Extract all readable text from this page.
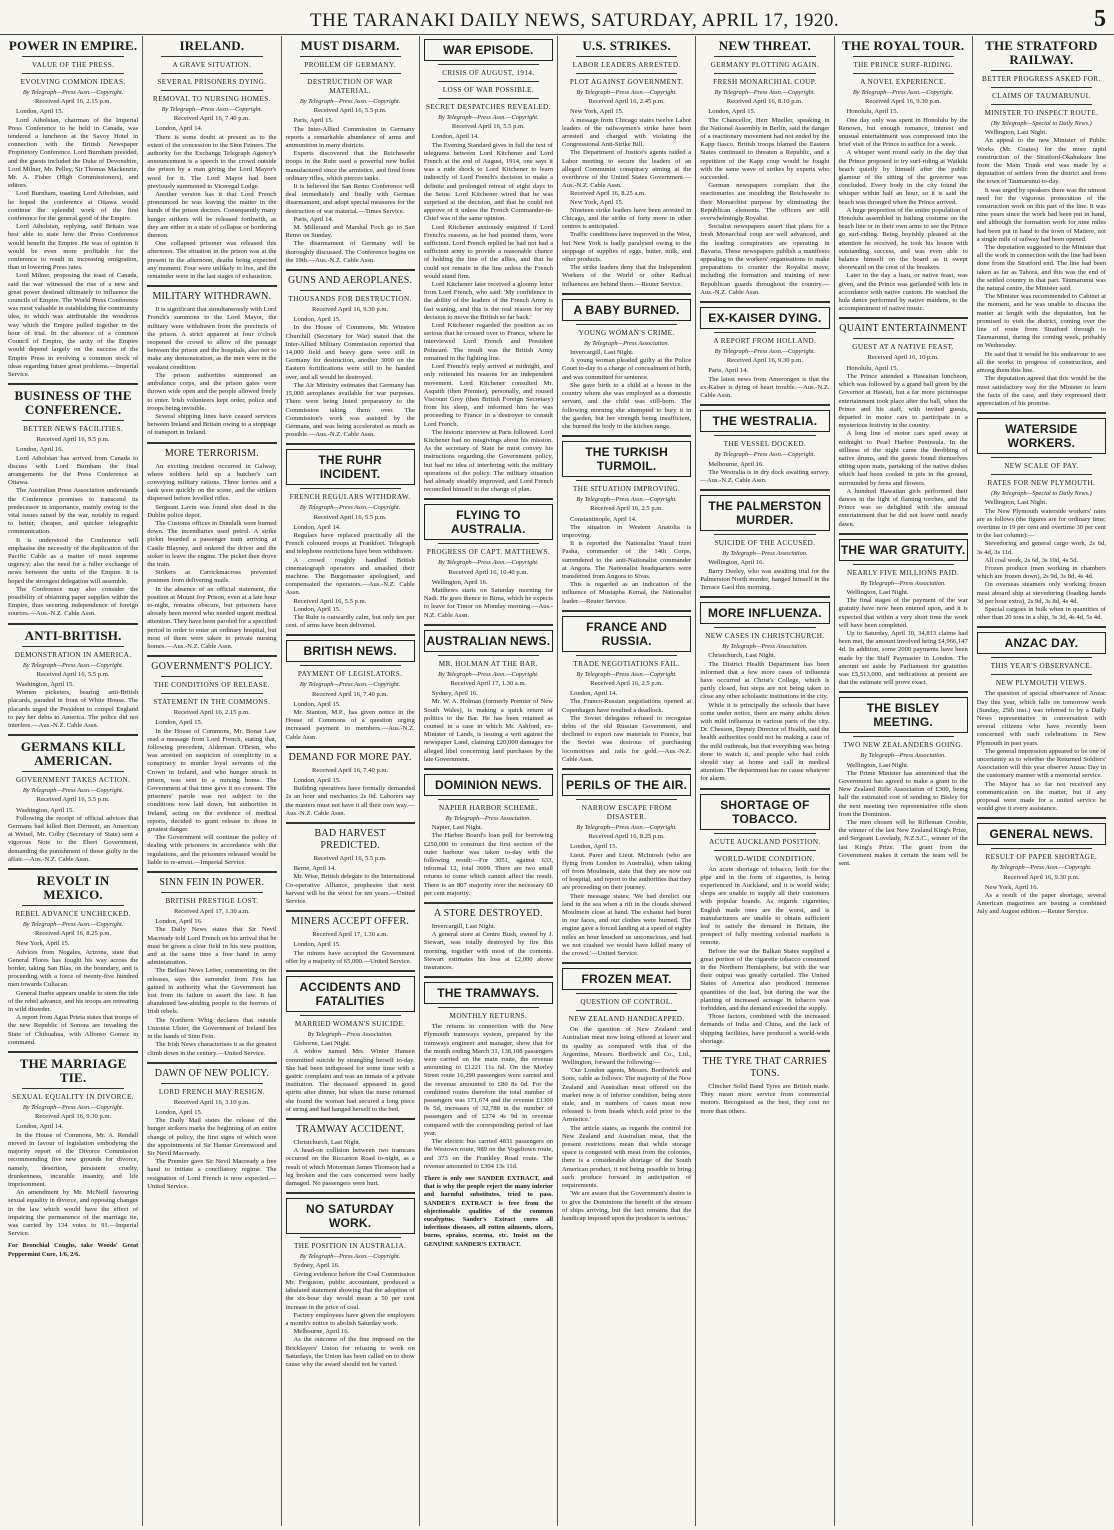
THE TARANAKI DAILY NEWS, SATURDAY, APRIL 17, 1920.	5
POWER IN EMPIRE.
VALUE OF THE PRESS.
EVOLVING COMMON IDEAS.
By Telegraph—Press Assn.—Copyright.
Received April 16, 2.15 p.m.

London, April 15.

Lord Atholstan, chairman of the Imperial Press Conference to be held in Canada, was tendered a luncheon at the Savoy Hotel in connection with the British Newspaper Proprietory Conference. Lord Burnham presided, and the guests included the Duke of Devonshire, Lord Milner, Mr. Pelley, Sir Thomas Mackenzie, Mr. A. Fisher (High Commissioners), and editors.

Lord Burnham, toasting Lord Atholstan, said he hoped the conference at Ottawa would continue the splendid work of the first conference for the general good of the Empire.

Lord Atholstan, replying, said Britain was best able to state how the Press Conference would benefit the Empire. He was of opinion it would be even more profitable for the conference to result in increasing emigration, than in lowering Press rates.

Lord Milner, proposing the toast of Canada, said the war witnessed the rise of a new and great power destined ultimately to influence the councils of Empire. The World Press Conference was most valuable in establishing the community idea, to which was attributable the wondrous way which the Empire pulled together in the hour of trial. In the absence of a common Council of Empire, the unity of the Empire would depend largely on the success of the Empire Press in evolving a common stock of ideas regarding future great problems.—Imperial Service.

BUSINESS OF THE CONFERENCE.
BETTER NEWS FACILITIES.
Received April 16, 9.5 p.m.

London, April 16.

Lord Atholstan has arrived from Canada to discuss with Lord Burnham the final arrangements for the Press Conference at Ottawa.

The Australian Press Association understands the Conference promises to transcend its predecessor in importance, mainly owing to the vital issues raised by the war, notably in regard to better, cheaper, and quicker telegraphic communication.

It is understood the Conference will emphasise the necessity of the duplication of the Pacific Cable as a matter of most supreme urgency; also the need for a fuller exchange of news between the units of the Empire. It is hoped the strongest delegation will assemble.

The Conference may also consider the possibility of obtaining paper supplies within the Empire, thus securing independence of foreign sources.—Aus.-N.Z. Cable Assn.

ANTI-BRITISH.
DEMONSTRATION IN AMERICA.
By Telegraph—Press Assn.—Copyright.
Received April 16, 5.5 p.m.

Washington, April 15.

Women picketers, bearing anti-British placards, paraded in front of White House. The placards urged the President to compel England to pay her debts to America. The police did not interfere.—Aus.-N.Z. Cable Assn.

GERMANS KILL AMERICAN.
GOVERNMENT TAKES ACTION.
By Telegraph—Press Assn.—Copyright.
Received April 16, 5.5 p.m.

Washington, April 15.

Following the receipt of official advices that Germans had killed Bert Dermott, an American at Weisel, Mr. Colby (Secretary of State) sent a vigorous Note to the Ebert Government, demanding the punishment of those guilty in the affair.—Aus.-N.Z. Cable Assn.

REVOLT IN MEXICO.
REBEL ADVANCE UNCHECKED.
By Telegraph—Press Assn.—Copyright.
Received April 16, 8.25 p.m.

New York, April 15.

Advices from Nogales, Arizona, state that General Flores has fought his way across the border, taking San Blas, on the boundary, and is proceeding with a force of twenty-five hundred men towards Culiacan.

General Iturbe appears unable to stem the tide of the rebel advance, and his troops are retreating in wild disorder.

A report from Agua Prieta states that troops of the new Republic of Sonora are invading the State of Chihuahua, with Alfonso Gomez in command.

THE MARRIAGE TIE.
SEXUAL EQUALITY IN DIVORCE.
By Telegraph—Press Assn.—Copyright.
Received April 16, 9.30 p.m.

London, April 14.

In the House of Commons, Mr. A. Rendall moved in favour of legislation embodying the majority report of the Divorce Commission recommending five new grounds for divorce, namely, desertion, persistent cruelty, drunkenness, incurable insanity, and life imprisonment.

An amendment by Mr. McNeill favouring sexual equality in divorce, and opposing changes in the law which would have the effect of impairing the permanence of the marriage tie, was carried by 134 votes to 91.—Imperial Service.

For Bronchial Coughs, take Woods' Great Peppermint Cure, 1/6, 2/6.
IRELAND.
A GRAVE SITUATION.
SEVERAL PRISONERS DYING.
REMOVAL TO NURSING HOMES.
By Telegraph—Press Assn.—Copyright.
Received April 16, 7.40 p.m.

London, April 14.

There is some doubt at present as to the extent of the concession to the Sinn Feiners. The authority for the Exchange Telegraph Agency's announcement is a speech to the crowd outside the prison by a man giving the Lord Mayor's word for it. The Lord Mayor had been previously summoned to Viceregal Lodge.

Another version has it that Lord French pronounced he was leaving the matter in the hands of the prison doctors. Consequently many hunger strikers will be released forthwith, as they are either in a state of collapse or bordering thereon.

One collapsed prisoner was released this afternoon. The situation in the prison was at the present in the afternoon, deaths being expected any moment. Four were unlikely to live, and the remainder were in the last stages of exhaustion.

MILITARY WITHDRAWN.

It is significant that simultaneously with Lord French's summons to the Lord Mayor, the military were withdrawn from the precincts of the prison. A strict apparent at four o'clock reopened the crowd to allow of the passage between the prison and the hospitals, also not to make any demonstration, as the men were in the weakest condition.

The prison authorities summoned an ambulance corps, and the prison gates were thrown wide open and the people allowed freely to enter. Irish volunteers kept order, police and troops being invisible.

Several shipping lines have ceased services between Ireland and Britain owing to a stoppage of transport in Ireland.

MORE TERRORISM.

An exciting incident occurred in Galway, where soldiers held up a butcher's cart conveying military rations. Three lorries and a tank were quickly on the scene, and the strikers dispersed before levelled rifles.

Sergeant Lavin was found shot dead in the Dublin police depot.

The Customs offices in Dundalk were burned down. The incendiaries used petrol. A strike picket boarded a passenger train arriving at Castle Blayney, and ordered the driver and the stoker to leave the engine. The picket then drove the train.

Strikers at Carrickmacross prevented postmen from delivering mails.

In the absence of an official statement, the position at Mount Joy Prison, even at a late hour to-night, remains obscure, but prisoners have already been moved who needed urgent medical attention. They have been paroled for a specified period in order to enter an ordinary hospital, but most of them were taken to private nursing homes.—Aus.-N.Z. Cable Assn.

GOVERNMENT'S POLICY.
THE CONDITIONS OF RELEASE.
STATEMENT IN THE COMMONS.
Received April 16, 2.15 p.m.

London, April 15.

In the House of Commons, Mr. Bonar Law read a message from Lord French, stating that, following precedent, Alderman O'Brien, who was arrested on suspicion of complicity in a conspiracy to murder loyal servants of the Crown in Ireland, and who hunger struck in prison, was sent to a nursing home. The Government at that time gave it no consent. The prisoners' parole was not subject to the conditions now laid down, but authorities in Ireland, acting on the evidence of medical reports, decided to grant release to those in greatest danger.

The Government will continue the policy of dealing with prisoners in accordance with the regulations, and the prisoners released would be liable to re-arrest.—Imperial Service.

SINN FEIN IN POWER.
BRITISH PRESTIGE LOST.
Received April 17, 1.30 a.m.

London, April 16.

The Daily News states that Sir Nevil Macready told Lord French on his arrival that he must be given a clear field in his new position, and at the same time a free hand in army administration.

The Belfast News Letter, commenting on the releases, says this surrender from Feis has gained in authority what the Government has lost from its failure to assert the law. It has abandoned law-abiding people to the horrors of Irish rebels.

The Northern Whig declares that outside Unionist Ulster, the Government of Ireland lies in the hands of Sinn Fein.

The Irish News characterises it as the greatest climb down in the century.—United Service.

DAWN OF NEW POLICY.
LORD FRENCH MAY RESIGN.
Received April 16, 3.10 p.m.

London, April 15.

The Daily Mail states the release of the hunger strikers marks the beginning of an entire change of policy, the first signs of which were the appointments of Sir Hamar Greenwood and Sir Nevil Macready.

The Premier gave Sir Nevil Macready a free hand to initiate a conciliatory regime. The resignation of Lord French is now expected.—United Service.

MUST DISARM.
PROBLEM OF GERMANY.
DESTRUCTION OF WAR MATERIAL.
By Telegraph—Press Assn.—Copyright.
Received April 16, 5.5 p.m.

Paris, April 15.

The Inter-Allied Commission in Germany reports a remarkable abundance of arms and ammunition in many districts.

Experts discovered that the Reichswehr troops in the Ruhr used a powerful new bullet manufactured since the armistice, and fired from ordinary rifles, which pierces tanks.

It is believed the San Remo Conference will deal immediately and finally with German disarmament, and adopt special measures for the destruction of war material.—Times Service.

Paris, April 14.

M. Millerand and Marshal Foch go to San Remo on Sunday.

The disarmament of Germany will be thoroughly discussed. The Conference begins on the 19th.—Aus.-N.Z. Cable Assn.

GUNS AND AEROPLANES.
THOUSANDS FOR DESTRUCTION.
Received April 16, 9.30 p.m.

London, April 15.

In the House of Commons, Mr. Winston Churchill (Secretary for War) stated that the Inter-Allied Military Commission reported that 14,000 field and heavy guns were still in Germany for destruction, another 3000 on the Eastern fortifications were still to be handed over, and all would be destroyed.

The Air Ministry estimates that Germany has 15,000 aeroplanes available for war purposes. There were being listed preparatory to the Commission taking them over. The Commission's work was assisted by the Germans, and was being accelerated as much as possible.—Aus.-N.Z. Cable Assn.

THE RUHR INCIDENT.
FRENCH REGULARS WITHDRAW.
By Telegraph—Press Assn.—Copyright.
Received April 16, 5.5 p.m.

London, April 14.

Regulars have replaced practically all the French coloured troops at Frankfort. Telegraph and telephone restrictions have been withdrawn.

A crowd roughly handled British cinematograph operators and smashed their machine. The Burgomaster apologised, and compensated the operators.—Aus.-N.Z. Cable Assn.

Received April 16, 5.5 p.m.

London, April 15.

The Ruhr is outwardly calm, but only ten per cent. of arms have been delivered.

BRITISH NEWS.
PAYMENT OF LEGISLATORS.
By Telegraph—Press Assn.—Copyright.
Received April 16, 7.40 p.m.

London, April 15.

Mr. Stanton, M.P., has given notice in the House of Commons of a question urging increased payment to members.—Aus.-N.Z. Cable Assn.

DEMAND FOR MORE PAY.
Received April 16, 7.40 p.m.

London, April 15.

Building operatives have formally demanded 2s an hour and mechanics 2s 0d. Laborers say the masters must not have it all their own way.—Aus.-N.Z. Cable Assn.

BAD HARVEST PREDICTED.
Received April 16, 5.5 p.m.

Berne, April 14.

Mr. Wise, British delegate to the International Co-operative Alliance, prophesies that next harvest will be the worst for ten years.—United Service.

MINERS ACCEPT OFFER.
Received April 17, 1.30 a.m.

London, April 15.

The miners have accepted the Government offer by a majority of 65,000.—United Service.

ACCIDENTS AND FATALITIES
MARRIED WOMAN'S SUICIDE.
By Telegraph—Press Association.

Gisborne, Last Night.

A widow named Mrs. Winter Hansen committed suicide by strangling herself to-day. She had been indisposed for some time with a gastric complaint and was an inmate of a private institution. The deceased appeared in good spirits after dinner, but when the nurse returned she found the woman had secured a long piece of string and had hanged herself to the bed.

TRAMWAY ACCIDENT.

Christchurch, Last Night.

A head-on collision between two tramcars occurred on the Riccarton Road to-night, as a result of which Motorman James Thomson had a leg broken and the cars concerned were badly damaged. No passengers were hurt.

NO SATURDAY WORK.
THE POSITION IN AUSTRALIA.
By Telegraph—Press Assn.—Copyright.

Sydney, April 16.

Giving evidence before the Coal Commission Mr. Ferguson, public accountant, produced a tabulated statement showing that the adoption of the six-hour day would mean a 50 per cent increase in the price of coal.

Factory employees have given the employers a month's notice to abolish Saturday work.

Melbourne, April 16.

As the outcome of the fine imposed on the Bricklayers' Union for refusing to work on Saturdays, the Union has been called on to show cause why the award should not be varied.

WAR EPISODE.
CRISIS OF AUGUST, 1914.
LOSS OF WAR POSSIBLE.
SECRET DESPATCHES REVEALED.
By Telegraph—Press Assn.—Copyright.
Received April 16, 5.5 p.m.

London, April 14.

The Evening Standard gives in full the text of telegrams between Lord Kitchener and Lord French at the end of August, 1914, one says it was a rude shock to Lord Kitchener to learn indirectly of Lord French's decision to make a definite and prolonged retreat of eight days to the Seine. Lord Kitchener wired that he was surprised at the decision, and that he could not approve of it unless the French Commander-in-Chief was of the same opinion.

Lord Kitchener anxiously enquired if Lord French's reasons, as he had pointed them, were sufficient. Lord French replied he had not had a sufficient army to provide a reasonable chance of holding the line of the allies, and that he could not remain in the line unless the French would stand firm.

Lord Kitchener later received a gloomy letter from Lord French, who said: 'My confidence in the ability of the leaders of the French Army is fast waning, and this is the real reason for my decision to move the British so far back.'

Lord Kitchener regarded the position as so serious that he crossed over to France, where he interviewed Lord French and President Poincaré. The result was the British Army remained in the fighting line.

Lord French's reply arrived at midnight, and only reiterated his reasons for an independent movement. Lord Kitchener consulted Mr. Asquith (then Premier), personally, and roused Viscount Grey (then British Foreign Secretary) from his sleep, and informed him he was proceeding to France in a destroyer to consult Lord French.

The historic interview at Paris followed. Lord Kitchener had no misgivings about his mission. As the secretary of State he must convey his instructions regarding the Government policy, but had no idea of interfering with the military operations of the policy. The military situation had already steadily improved, and Lord French reconciled himself to the change of plan.

FLYING TO AUSTRALIA.
PROGRESS OF CAPT. MATTHEWS.
By Telegraph—Press Assn.—Copyright.
Received April 16, 10.40 p.m.

Wellington, April 16.

Matthews starts on Saturday morning for Nadi. He goes thence to Bima, which he expects to leave for Timor on Monday morning.—Aus.-N.Z. Cable Assn.

AUSTRALIAN NEWS.
MR. HOLMAN AT THE BAR.
By Telegraph—Press Assn.—Copyright.
Received April 17, 1.30 a.m.

Sydney, April 16.

Mr. W. A. Holman (formerly Premier of New South Wales), is making a quick return of politics to the Bar. He has been retained as counsel in a case in which Mr. Ashford, ex-Minister of Lands, is issuing a writ against the newspaper Land, claiming £20,000 damages for alleged libel concerning land purchases by the late Government.

DOMINION NEWS.
NAPIER HARBOR SCHEME.
By Telegraph—Press Association.

Napier, Last Night.

The Harbor Board's loan poll for borrowing £250,000 to construct the first section of the outer harbour was taken to-day with the following result:—For 3051, against 633, informal 12, total 3699. There are two small returns to come which cannot affect the result. There is an 807 majority over the necessary 60 per cent majority.

A STORE DESTROYED.

Invercargill, Last Night.

A general store at Centre Bush, owned by J. Stewart, was totally destroyed by fire this morning, together with most of the contents. Stewart estimates his loss at £2,000 above insurances.

THE TRAMWAYS.
MONTHLY RETURNS.

The returns in connection with the New Plymouth tramways system, prepared by the tramways engineer and manager, show that for the month ending March 31, 138,108 passengers were carried on the main route, the revenue amounting to £1221 11s 6d. On the Morley Street route 16,290 passengers were carried and the revenue amounted to £80 8s 0d. For the combined routes therefore the total number of passengers was 171,674 and the revenue £1300 0s 5d, increases of 32,788 in the number of passengers and of £274 4s 9d in revenue compared with the corresponding period of last year.

The electric bus carried 4831 passengers on the Westown route, 989 on the Vogeltown route, and 373 on the Frankley Road route. The revenue amounted to £304 13s 11d.

There is only one SANDER EXTRACT, and that is why the people reject the many inferior and harmful substitutes, tried to pass. SANDER'S EXTRACT is free from the objectionable qualities of the common eucalyptus. Sander's Extract cures all infections diseases, all rotten ailments, ulcers, burns, sprains, eczema, etc. Insist on the GENUINE SANDER'S EXTRACT.
U.S. STRIKES.
LABOR LEADERS ARRESTED.
PLOT AGAINST GOVERNMENT.
By Telegraph—Press Assn.—Copyright.
Received April 16, 2.45 p.m.

New York, April 15.

A message from Chicago states twelve Labor leaders of the railwaymen's strike have been arrested and charged with violating the Congressional Anti-Strike Bill.

The Department of Justice's agents raided a Labor meeting to secure the leaders of an alleged Communist conspiracy aiming at the overthrow of the United States Government.—Aus.-N.Z. Cable Assn.

Received April 16, 8.25 a.m.

New York, April 15.

Nineteen strike leaders have been arrested in Chicago, and the strike of forty more in other centres is anticipated.

Traffic conditions have improved in the West, but New York is badly paralysed owing to the stoppage of supplies of eggs, butter, milk, and other products.

The strike leaders deny that the Independent Workers of the World or other Radical influences are behind them.—Reuter Service.

A BABY BURNED.
YOUNG WOMAN'S CRIME.
By Telegraph—Press Association.

Invercargill, Last Night.

A young woman pleaded guilty at the Police Court to-day to a charge of concealment of birth, and was committed for sentence.

She gave birth to a child at a house in the country where she was employed as a domestic servant, and the child was still-born. The following morning she attempted to bury it in the garden, but her strength being insufficient, she burned the body in the kitchen range.

THE TURKISH TURMOIL.
THE SITUATION IMPROVING.
By Telegraph—Press Assn.—Copyright.
Received April 16, 2.5 p.m.

Constantinople, April 14.

The situation in Western Anatolia is improving.

It is reported the Nationalist Yusuf Izzet Pasha, commander of the 14th Corps, surrendered to the anti-Nationalist commander at Angora. The Nationalist headquarters were transferred from Angora to Sivas.

This is regarded as an indication of the influence of Mustapha Kemal, the Nationalist leader.—Reuter Service.

FRANCE AND RUSSIA.
TRADE NEGOTIATIONS FAIL.
By Telegraph—Press Assn.—Copyright.
Received April 16, 2.5 p.m.

London, April 14.

The Franco-Russian negotiations opened at Copenhagen have resulted a deadlock.

The Soviet delegates refused to recognise debts of the old Russian Government, and declined to export raw materials to France, but the Soviet was desirous of purchasing locomotives and rails for gold.—Aus.-N.Z. Cable Assn.

PERILS OF THE AIR.
NARROW ESCAPE FROM DISASTER.
By Telegraph—Press Assn.—Copyright.
Received April 16, 8.25 p.m.

London, April 15.

Lieut. Parer and Lieut. McIntosh (who are flying from London to Australia), when taking off from Moulmein, state that they are now out of hospital, and report to the authorities that they are proceeding on their journey.

Their message states: 'We had derelict our land in the sea when a rift in the clouds showed Moulmein close at hand. The exhaust had burnt in our faces, and our clothes were burned. The engine gave a forced landing at a speed of eighty miles an hour knocked us unconscious, and had we not crashed we would have killed many of the crowd.'—United Service.

FROZEN MEAT.
QUESTION OF CONTROL.
NEW ZEALAND HANDICAPPED.

On the question of New Zealand and Australian meat now being offered at lower and its quality as compared with that of the Argentine, Messrs. Borthwick and Co., Ltd., Wellington, forward the following:—

'Our London agents, Messrs. Borthwick and Sons, cable as follows: The majority of the New Zealand and Australian meat offered on the market now is of inferior condition, being store stale, and in numbers of cases meat now released is from heads which sold prior to the Armistice.'

The article states, as regards the control for New Zealand and Australian meat, that the present restrictions mean that while storage space is congested with meat from the colonies, there is a considerable shortage of the South American product, it not being possible to bring such produce forward in anticipation of requirements.

'We are aware that the Government's desire is to give the Dominions the benefit of the stream of ships arriving, but the fact remains that the handicap imposed upon the producer is serious.'

NEW THREAT.
GERMANY PLOTTING AGAIN.
FRESH MONARCHIAL COUP.
By Telegraph—Press Assn.—Copyright.
Received April 16, 8.10 p.m.

London, April 15.

The Chancellor, Herr Mueller, speaking in the National Assembly in Berlin, said the danger of a reactionary movement had not ended by the Kapp fiasco. British troops blamed the Eastern States continued to threaten a Republic, and a repetition of the Kapp coup would be fought with the same wave of strikes by experts who succeeded.

German newspapers complain that the reactionaries are moulding the Reichswehr to their Monarchist purpose by eliminating the Republican elements. The officers are still overwhelmingly Royalist.

Socialist newspapers assert that plans for a fresh Monarchial coup are well advanced, and the leading conspirators are operating in Bavaria. These newspapers publish a manifesto appealing to the workers' organisations to make preparations to counter the Royalist move, including the formation and training of new Republican guards throughout the country.—Aus.-N.Z. Cable Assn.

EX-KAISER DYING.
A REPORT FROM HOLLAND.
By Telegraph—Press Assn.—Copyright.
Received April 16, 9.30 p.m.

Paris, April 14.

The latest news from Amerongen is that the ex-Kaiser is dying of heart trouble.—Aus.-N.Z. Cable Assn.

THE WESTRALIA.
THE VESSEL DOCKED.
By Telegraph—Press Assn.—Copyright.

Melbourne, April 16.

The Westralia is in dry dock awaiting survey.—Aus.-N.Z. Cable Assn.

THE PALMERSTON MURDER.
SUICIDE OF THE ACCUSED.
By Telegraph—Press Association.

Wellington, April 16.

Barry Deeley, who was awaiting trial for the Palmerston North murder, hanged himself in the Terrace Gaol this morning.

MORE INFLUENZA.
NEW CASES IN CHRISTCHURCH.
By Telegraph—Press Association.

Christchurch, Last Night.

The District Health Department has been informed that a few more cases of influenza have occurred at Christ's College, which is partly closed, but steps are not being taken to close any other scholastic institutions in the city.

While it is principally the schools that have come under notice, there are many adults down with mild influenza in various parts of the city. Dr. Chesson, Deputy Director of Health, said the health authorities could not be making a case of the mild outbreak, but that everything was being done to watch it, and people who had colds should stay at home and call in medical attention. The department has no cause whatever for alarm.

SHORTAGE OF TOBACCO.
ACUTE AUCKLAND POSITION.
WORLD-WIDE CONDITION.

An acute shortage of tobacco, both for the pipe and in the form of cigarettes, is being experienced in Auckland, and it is world wide; shops are unable to supply all their customers with popular brands. As regards cigarettes, English made ones are the worst, and is manufacturers are unable to obtain sufficient leaf to satisfy the demand in Britain, the prospect of fully meeting colonial markets is remote.

Before the war the Balkan States supplied a great portion of the cigarette tobacco consumed in the Northern Hemisphere, but with the war their output was greatly curtailed. The United States of America also produced immense quantities of the leaf, but during the war the planting of increased acreage in tobacco was forbidden, and the demand exceeded the supply.

Those factors, combined with the increased demands of India and China, and the lack of shipping facilities, have produced a world-wide shortage.

THE TYRE THAT CARRIES TONS.

Clincher Solid Band Tyres are British made. They mean more service from commercial motors. Recognised as the best, they cost no more than others.

THE ROYAL TOUR.
THE PRINCE SURF-RIDING.
A NOVEL EXPERIENCE.
By Telegraph—Press Assn.—Copyright.
Received April 16, 9.30 p.m.

Honolulu, April 15.

One day only was spent in Honolulu by the Renown, but enough romance, interest and unusual entertainment was compressed into the brief visit of the Prince to suffice for a week.

A whisper went round early in the day that the Prince proposed to try surf-riding at Waikiki beach quietly by himself after the public glamour of the sitting of the governor was concluded. Every body in the city found the whisper within half an hour, so it is said the beach was thronged when the Prince arrived.

A huge proportion of the entire population of Honolulu assembled in bathing costume on the beach line or in their own arms to see the Prince go surf-riding. Being boyishly pleased at the attention he received, he took his lesson with outstanding success, and was even able to balance himself on the board as it swept shoreward on the crest of the breakers.

Later in the day a luau, or native feast, was given, and the Prince was garlanded with leis in accordance with native custom. He watched the hula dance performed by native maidens, to the accompaniment of native music.

QUAINT ENTERTAINMENT
GUEST AT A NATIVE FEAST.
Received April 16, 10 p.m.

Honolulu, April 15.

The Prince attended a Hawaiian luncheon, which was followed by a grand ball given by the Governor at Hawaii, but a far more picturesque entertainment took place after the ball, when the Prince and his staff, with invited guests, departed in motor cars to participate in a mysterious festivity in the country.

A long line of motor cars sped away at midnight to Pearl Harbor Peninsula. In the stillness of the night came the throbbing of native drums, and the guests found themselves sitting upon mats, partaking of the native dishes which had been cooked in pits in the ground, surrounded by ferns and flowers.

A hundred Hawaiian girls performed their dances in the light of flaming torches, and the Prince was so delighted with the unusual entertainment that he did not leave until nearly dawn.

THE WAR GRATUITY.
NEARLY FIVE MILLIONS PAID.
By Telegraph—Press Association.

Wellington, Last Night.

The final stages of the payment of the war gratuity have now been entered upon, and it is expected that within a very short time the work will have been completed.

Up to Saturday, April 10, 34,813 claims had been met, the amount involved being £4,966,147 4d. In addition, some 2000 payments have been made by the Staff Paymaster in London. The amount set aside by Parliament for gratuities was £5,513,000, and indications at present are that the estimate will prove exact.

THE BISLEY MEETING.
TWO NEW ZEALANDERS GOING.
By Telegraph—Press Association.

Wellington, Last Night.

The Prime Minister has announced that the Government has agreed to make a grant to the New Zealand Rifle Association of £300, being half the estimated cost of sending to Bisley for the next meeting two representative rifle shots from the Dominion.

The men chosen will be Rifleman Crosbie, the winner of the last New Zealand King's Prize, and Sergeant Lovelady, N.Z.S.C., winner of the last King's Prize. The grant from the Government makes it certain the team will be sent.

THE STRATFORD RAILWAY.
BETTER PROGRESS ASKED FOR.
CLAIMS OF TAUMARUNUI.
MINISTER TO INSPECT ROUTE.
(By Telegraph—Special to Daily News.)

Wellington, Last Night.

An appeal to the new Minister of Public Works (Mr. Coates) for the more rapid construction of the Stratford-Okahukura line from the Main Trunk end was made by a deputation of settlers from the district and from the town of Taumarunui to-day.

It was urged by speakers there was the utmost need for the vigorous prosecution of the construction work on this part of the line. It was nine years since the work had been put in hand, and although the formation work for nine miles had been put in hand to the town of Matiere, not a single mile of railway had been opened.

The deputation suggested to the Minister that all the work in connection with the line had been done from the Stratford end. The line had been taken as far as Tahora, and this was the end of the settled country in that part. Taumarunui was the natural centre, the Minister said.

The Minister was recommended to Cabinet at the moment, and he was unable to discuss the matter at length with the deputation, but he promised to visit the district, coming over the line of route from Stratford through to Taumarunui, during the coming week, probably on Wednesday.

He said that it would be his endeavour to see all the works in progress of construction, and among them this line.

The deputation agreed that this would be the most satisfactory way for the Minister to learn the facts of the case, and they expressed their appreciation of his promise.

WATERSIDE WORKERS.
NEW SCALE OF PAY.
RATES FOR NEW PLYMOUTH.
(By Telegraph—Special to Daily News.)

Wellington, Last Night.

The New Plymouth waterside workers' rates are as follows (the figures are for ordinary time; overtime in 19 per cent and overtime 30 per cent in the last column):—

Stevedoring and general cargo work, 2s 6d, 3s 4d, 3s 11d.

All coal work, 2s 6d, 3s 10d, 4s 5d.

Frozen produce (men working in chambers which are frozen down), 2s 9d, 3s 8d, 4s 4d.

On overseas steamers only working frozen meat aboard ship at stevedoring (loading hands 3d per hour extra), 2s 9d, 3s 8d, 4s 4d.

Special cargoes in bulk when in quantities of other than 20 tons in a ship, 3s 3d, 4s 4d, 5s 4d.

ANZAC DAY.
THIS YEAR'S OBSERVANCE.
NEW PLYMOUTH VIEWS.

The question of special observance of Anzac Day this year, which falls on tomorrow week (Sunday, 25th inst.) was referred to by a Daily News representative in conversation with several citizens who have recently been concerned with such celebrations in New Plymouth in past years.

The general impression appeared to be one of uncertainty as to whether the Returned Soldiers' Association will this year observe Anzac Day in the customary manner with a memorial service.

The Mayor has so far not received any communication on the matter, but if any proposal were made for a united service he would give it every assistance.

GENERAL NEWS.
RESULT OF PAPER SHORTAGE.
By Telegraph—Press Assn.—Copyright.
Received April 16, 9.30 p.m.

New York, April 16.

As a result of the paper shortage, several American magazines are issuing a combined July and August edition.—Reuter Service.
